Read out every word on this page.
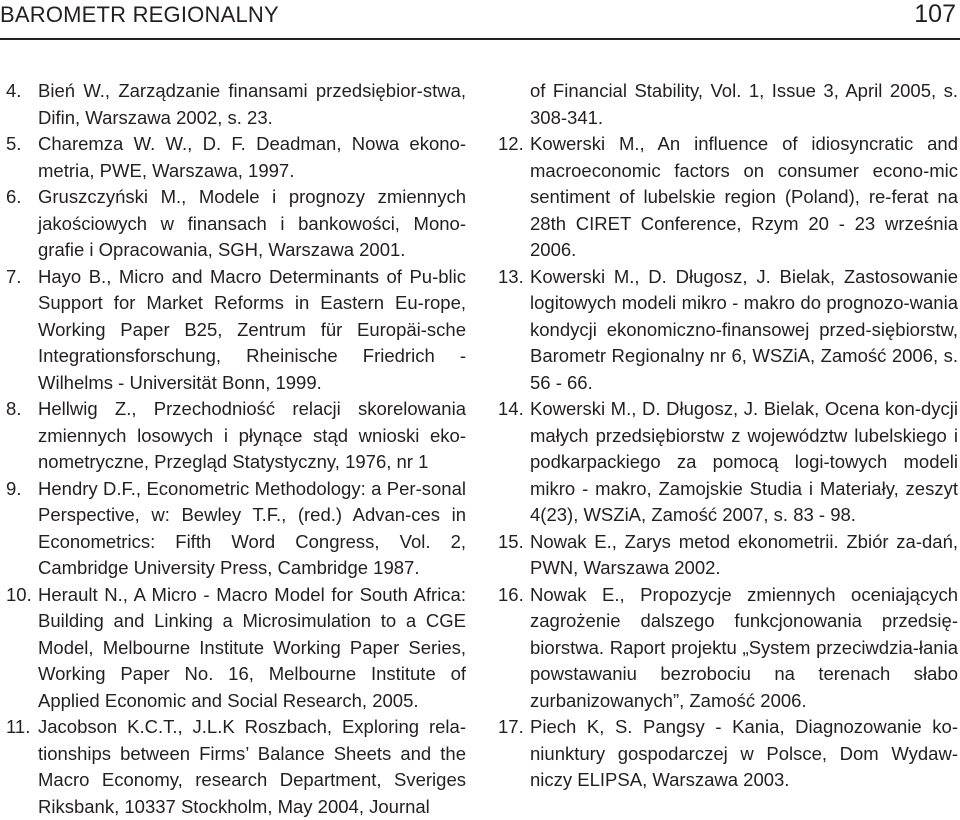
BAROMETR REGIONALNY	107
4. Bień W., Zarządzanie finansami przedsiębior-stwa, Difin, Warszawa 2002, s. 23.
5. Charemza W. W., D. F. Deadman, Nowa ekono-metria, PWE, Warszawa, 1997.
6. Gruszczyński M., Modele i prognozy zmiennych jakościowych w finansach i bankowości, Mono-grafie i Opracowania, SGH, Warszawa 2001.
7. Hayo B., Micro and Macro Determinants of Pu-blic Support for Market Reforms in Eastern Eu-rope, Working Paper B25, Zentrum für Europäi-sche Integrationsforschung, Rheinische Friedrich - Wilhelms - Universität Bonn, 1999.
8. Hellwig Z., Przechodniość relacji skorelowania zmiennych losowych i płynące stąd wnioski eko-nometryczne, Przegląd Statystyczny, 1976, nr 1
9. Hendry D.F., Econometric Methodology: a Per-sonal Perspective, w: Bewley T.F., (red.) Advan-ces in Econometrics: Fifth Word Congress, Vol. 2, Cambridge University Press, Cambridge 1987.
10. Herault N., A Micro - Macro Model for South Africa: Building and Linking a Microsimulation to a CGE Model, Melbourne Institute Working Paper Series, Working Paper No. 16, Melbourne Institute of Applied Economic and Social Research, 2005.
11. Jacobson K.C.T., J.L.K Roszbach, Exploring rela-tionships between Firms’ Balance Sheets and the Macro Economy, research Department, Sveriges Riksbank, 10337 Stockholm, May 2004, Journal
of Financial Stability, Vol. 1, Issue 3, April 2005, s. 308-341.
12. Kowerski M., An influence of idiosyncratic and macroeconomic factors on consumer econo-mic sentiment of lubelskie region (Poland), re-ferat na 28th CIRET Conference, Rzym 20 - 23 września 2006.
13. Kowerski M., D. Długosz, J. Bielak, Zastosowanie logitowych modeli mikro - makro do prognozo-wania kondycji ekonomiczno-finansowej przed-siębiorstw, Barometr Regionalny nr 6, WSZiA, Zamość 2006, s. 56 - 66.
14. Kowerski M., D. Długosz, J. Bielak, Ocena kon-dycji małych przedsiębiorstw z województw lubelskiego i podkarpackiego za pomocą logi-towych modeli mikro - makro, Zamojskie Studia i Materiały, zeszyt 4(23), WSZiA, Zamość 2007, s. 83 - 98.
15. Nowak E., Zarys metod ekonometrii. Zbiór za-dań, PWN, Warszawa 2002.
16. Nowak E., Propozycje zmiennych oceniających zagrożenie dalszego funkcjonowania przedsię-biorstwa. Raport projektu „System przeciwdzia-łania powstawaniu bezrobociu na terenach słabo zurbanizowanych”, Zamość 2006.
17. Piech K, S. Pangsy - Kania, Diagnozowanie ko-niunktury gospodarczej w Polsce, Dom Wydaw-niczy ELIPSA, Warszawa 2003.
